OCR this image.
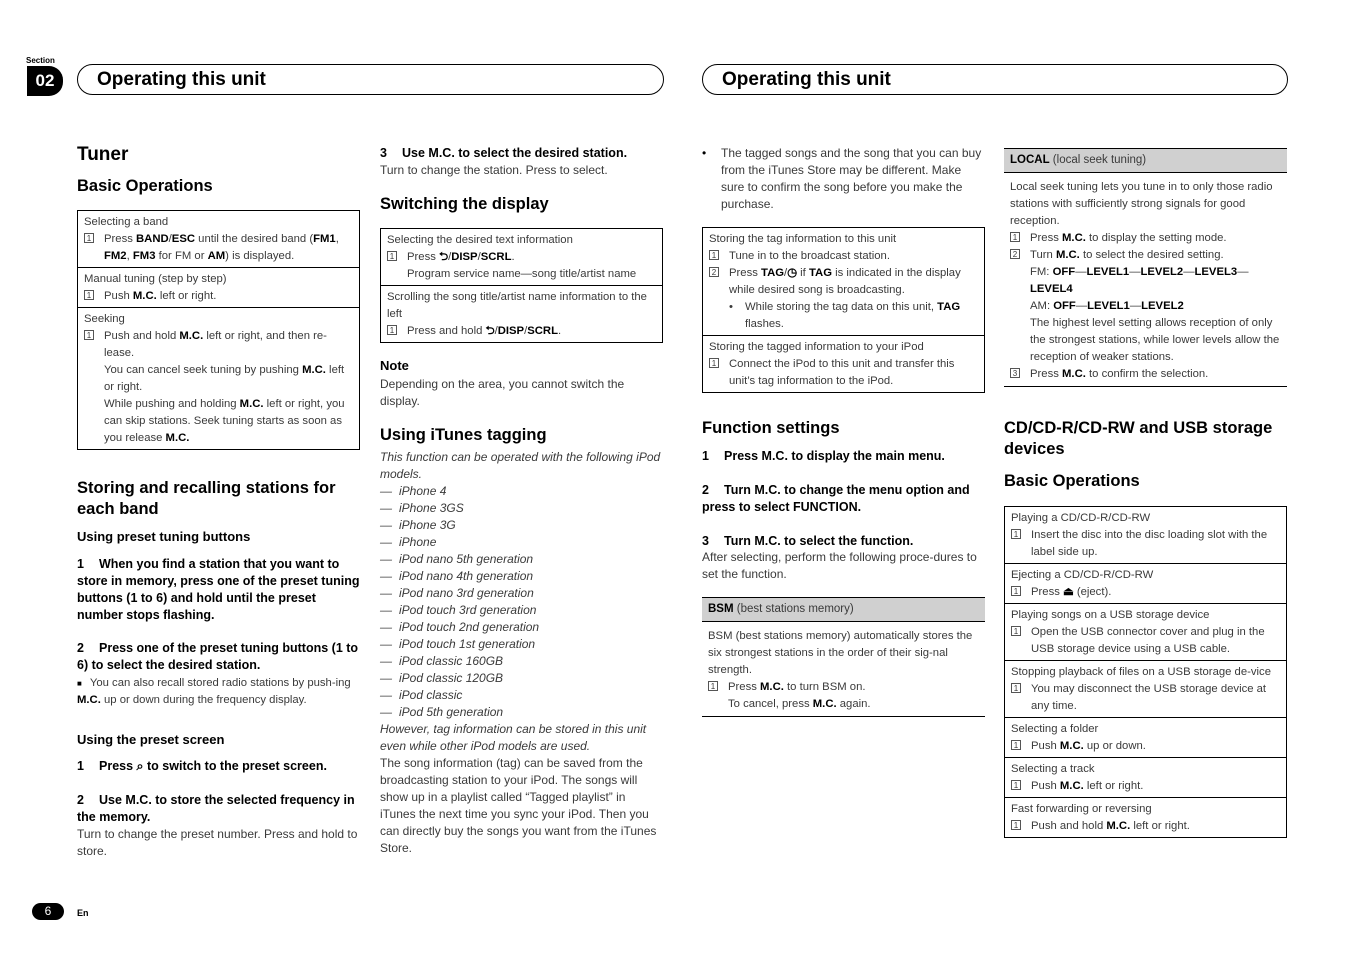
Section
02	Operating this unit	Operating this unit
Tuner
Basic Operations
Selecting a band
1	Press BAND/ESC until the desired band (FM1, FM2, FM3 for FM or AM) is displayed.
Manual tuning (step by step)
1	Push M.C. left or right.
Seeking
1	Push and hold M.C. left or right, and then re-lease.
You can cancel seek tuning by pushing M.C. left or right.
While pushing and holding M.C. left or right, you can skip stations. Seek tuning starts as soon as you release M.C.
Storing and recalling stations for each band
Using preset tuning buttons
1 When you find a station that you want to store in memory, press one of the preset tuning buttons (1 to 6) and hold until the preset number stops flashing.
2 Press one of the preset tuning buttons (1 to 6) to select the desired station.
■ You can also recall stored radio stations by push-ing M.C. up or down during the frequency display.
Using the preset screen
1 Press ⌕ to switch to the preset screen.
2 Use M.C. to store the selected frequency in the memory.

Turn to change the preset number. Press and hold to store.

3 Use M.C. to select the desired station.

Turn to change the station. Press to select.

Switching the display
Selecting the desired text information
1	Press ⮌/DISP/SCRL.
Program service name—song title/artist name
Scrolling the song title/artist name information to the left
1	Press and hold ⮌/DISP/SCRL.
Note

Depending on the area, you cannot switch the display.

Using iTunes tagging

This function can be operated with the following iPod models.

— iPhone 4
— iPhone 3GS
— iPhone 3G
— iPhone
— iPod nano 5th generation
— iPod nano 4th generation
— iPod nano 3rd generation
— iPod touch 3rd generation
— iPod touch 2nd generation
— iPod touch 1st generation
— iPod classic 160GB
— iPod classic 120GB
— iPod classic
— iPod 5th generation

However, tag information can be stored in this unit even while other iPod models are used.

The song information (tag) can be saved from the broadcasting station to your iPod. The songs will show up in a playlist called “Tagged playlist” in iTunes the next time you sync your iPod. Then you can directly buy the songs you want from the iTunes Store.

•	The tagged songs and the song that you can buy from the iTunes Store may be different. Make sure to confirm the song before you make the purchase.
Storing the tag information to this unit
1	Tune in to the broadcast station.
2	Press TAG/◷ if TAG is indicated in the display while desired song is broadcasting.
•	While storing the tag data on this unit, TAG flashes.
Storing the tagged information to your iPod
1	Connect the iPod to this unit and transfer this unit’s tag information to the iPod.
Function settings
1 Press M.C. to display the main menu.
2 Turn M.C. to change the menu option and press to select FUNCTION.
3 Turn M.C. to select the function.

After selecting, perform the following proce-dures to set the function.

BSM (best stations memory)

BSM (best stations memory) automatically stores the six strongest stations in the order of their sig-nal strength.

1	Press M.C. to turn BSM on.
To cancel, press M.C. again.
LOCAL (local seek tuning)

Local seek tuning lets you tune in to only those radio stations with sufficiently strong signals for good reception.

1	Press M.C. to display the setting mode.
2	Turn M.C. to select the desired setting.
FM: OFF—LEVEL1—LEVEL2—LEVEL3—LEVEL4
AM: OFF—LEVEL1—LEVEL2
The highest level setting allows reception of only the strongest stations, while lower levels allow the reception of weaker stations.
3	Press M.C. to confirm the selection.
CD/CD-R/CD-RW and USB storage devices
Basic Operations
Playing a CD/CD-R/CD-RW
1	Insert the disc into the disc loading slot with the label side up.
Ejecting a CD/CD-R/CD-RW
1	Press ⏏ (eject).
Playing songs on a USB storage device
1	Open the USB connector cover and plug in the USB storage device using a USB cable.
Stopping playback of files on a USB storage de-vice
1	You may disconnect the USB storage device at any time.
Selecting a folder
1	Push M.C. up or down.
Selecting a track
1	Push M.C. left or right.
Fast forwarding or reversing
1	Push and hold M.C. left or right.
6	En
